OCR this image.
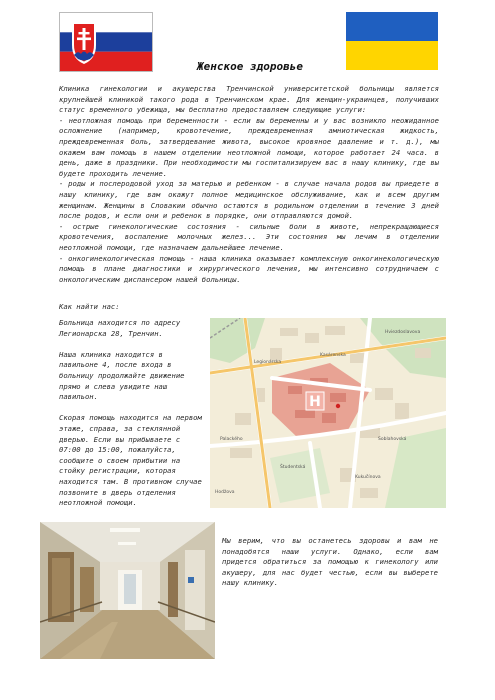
Женское здоровье

Клиника гинекологии и акушерства Тренчинской университетской больницы является крупнейшей клиникой такого рода в Тренчинском крае. Для женщин-украинцев, получивших статус временного убежища, мы бесплатно предоставляем следующие услуги:

- неотложная помощь при беременности - если вы беременны и у вас возникло неожиданное осложнение (например, кровотечение, преждевременная амниотическая жидкость, преждевременная боль, затвердевание живота, высокое кровяное давление и т. д.), мы окажем вам помощь в нашем отделении неотложной помощи, которое работает 24 часа. в день, даже в праздники. При необходимости мы госпитализируем вас в нашу клинику, где вы будете проходить лечение.

- роды и послеродовой уход за матерью и ребенком - в случае начала родов вы приедете в нашу клинику, где вам окажут полное медицинское обслуживание, как и всем другим женщинам. Женщины в Словакии обычно остаются в родильном отделении в течение 3 дней после родов, и если они и ребенок в порядке, они отправляются домой.

- острые гинекологические состояния - сильные боли в животе, непрекращающиеся кровотечения, воспаление молочных желез... Эти состояния мы лечим в отделении неотложной помощи, где назначаем дальнейшее лечение.

- онкогинекологическая помощь - наша клиника оказывает комплексную онкогинекологическую помощь в плане диагностики и хирургического лечения, мы интенсивно сотрудничаем с онкологическим диспансером нашей больницы.

Как найти нас:

Больница находится по адресу Легионарска 28, Тренчин.

Наша клиника находится в павильоне 4, после входа в больницу продолжайте движение прямо и слева увидите наш павильон.

Скорая помощь находится на первом этаже, справа, за стеклянной дверью. Если вы прибываете с 07:00 до 15:00, пожалуйста, сообщите о своем прибытии на стойку регистрации, которая находится там. В противном случае позвоните в дверь отделения неотложной помощи.

Legionárska
Kasárenska
Soblahovská
Palackého
Kukučínova
Študentská
Hodžova
Hviezdoslavova
H
Мы верим, что вы останетесь здоровы и вам не понадобятся наши услуги. Однако, если вам придется обратиться за помощью к гинекологу или акушеру, для нас будет честью, если вы выберете нашу клинику.
